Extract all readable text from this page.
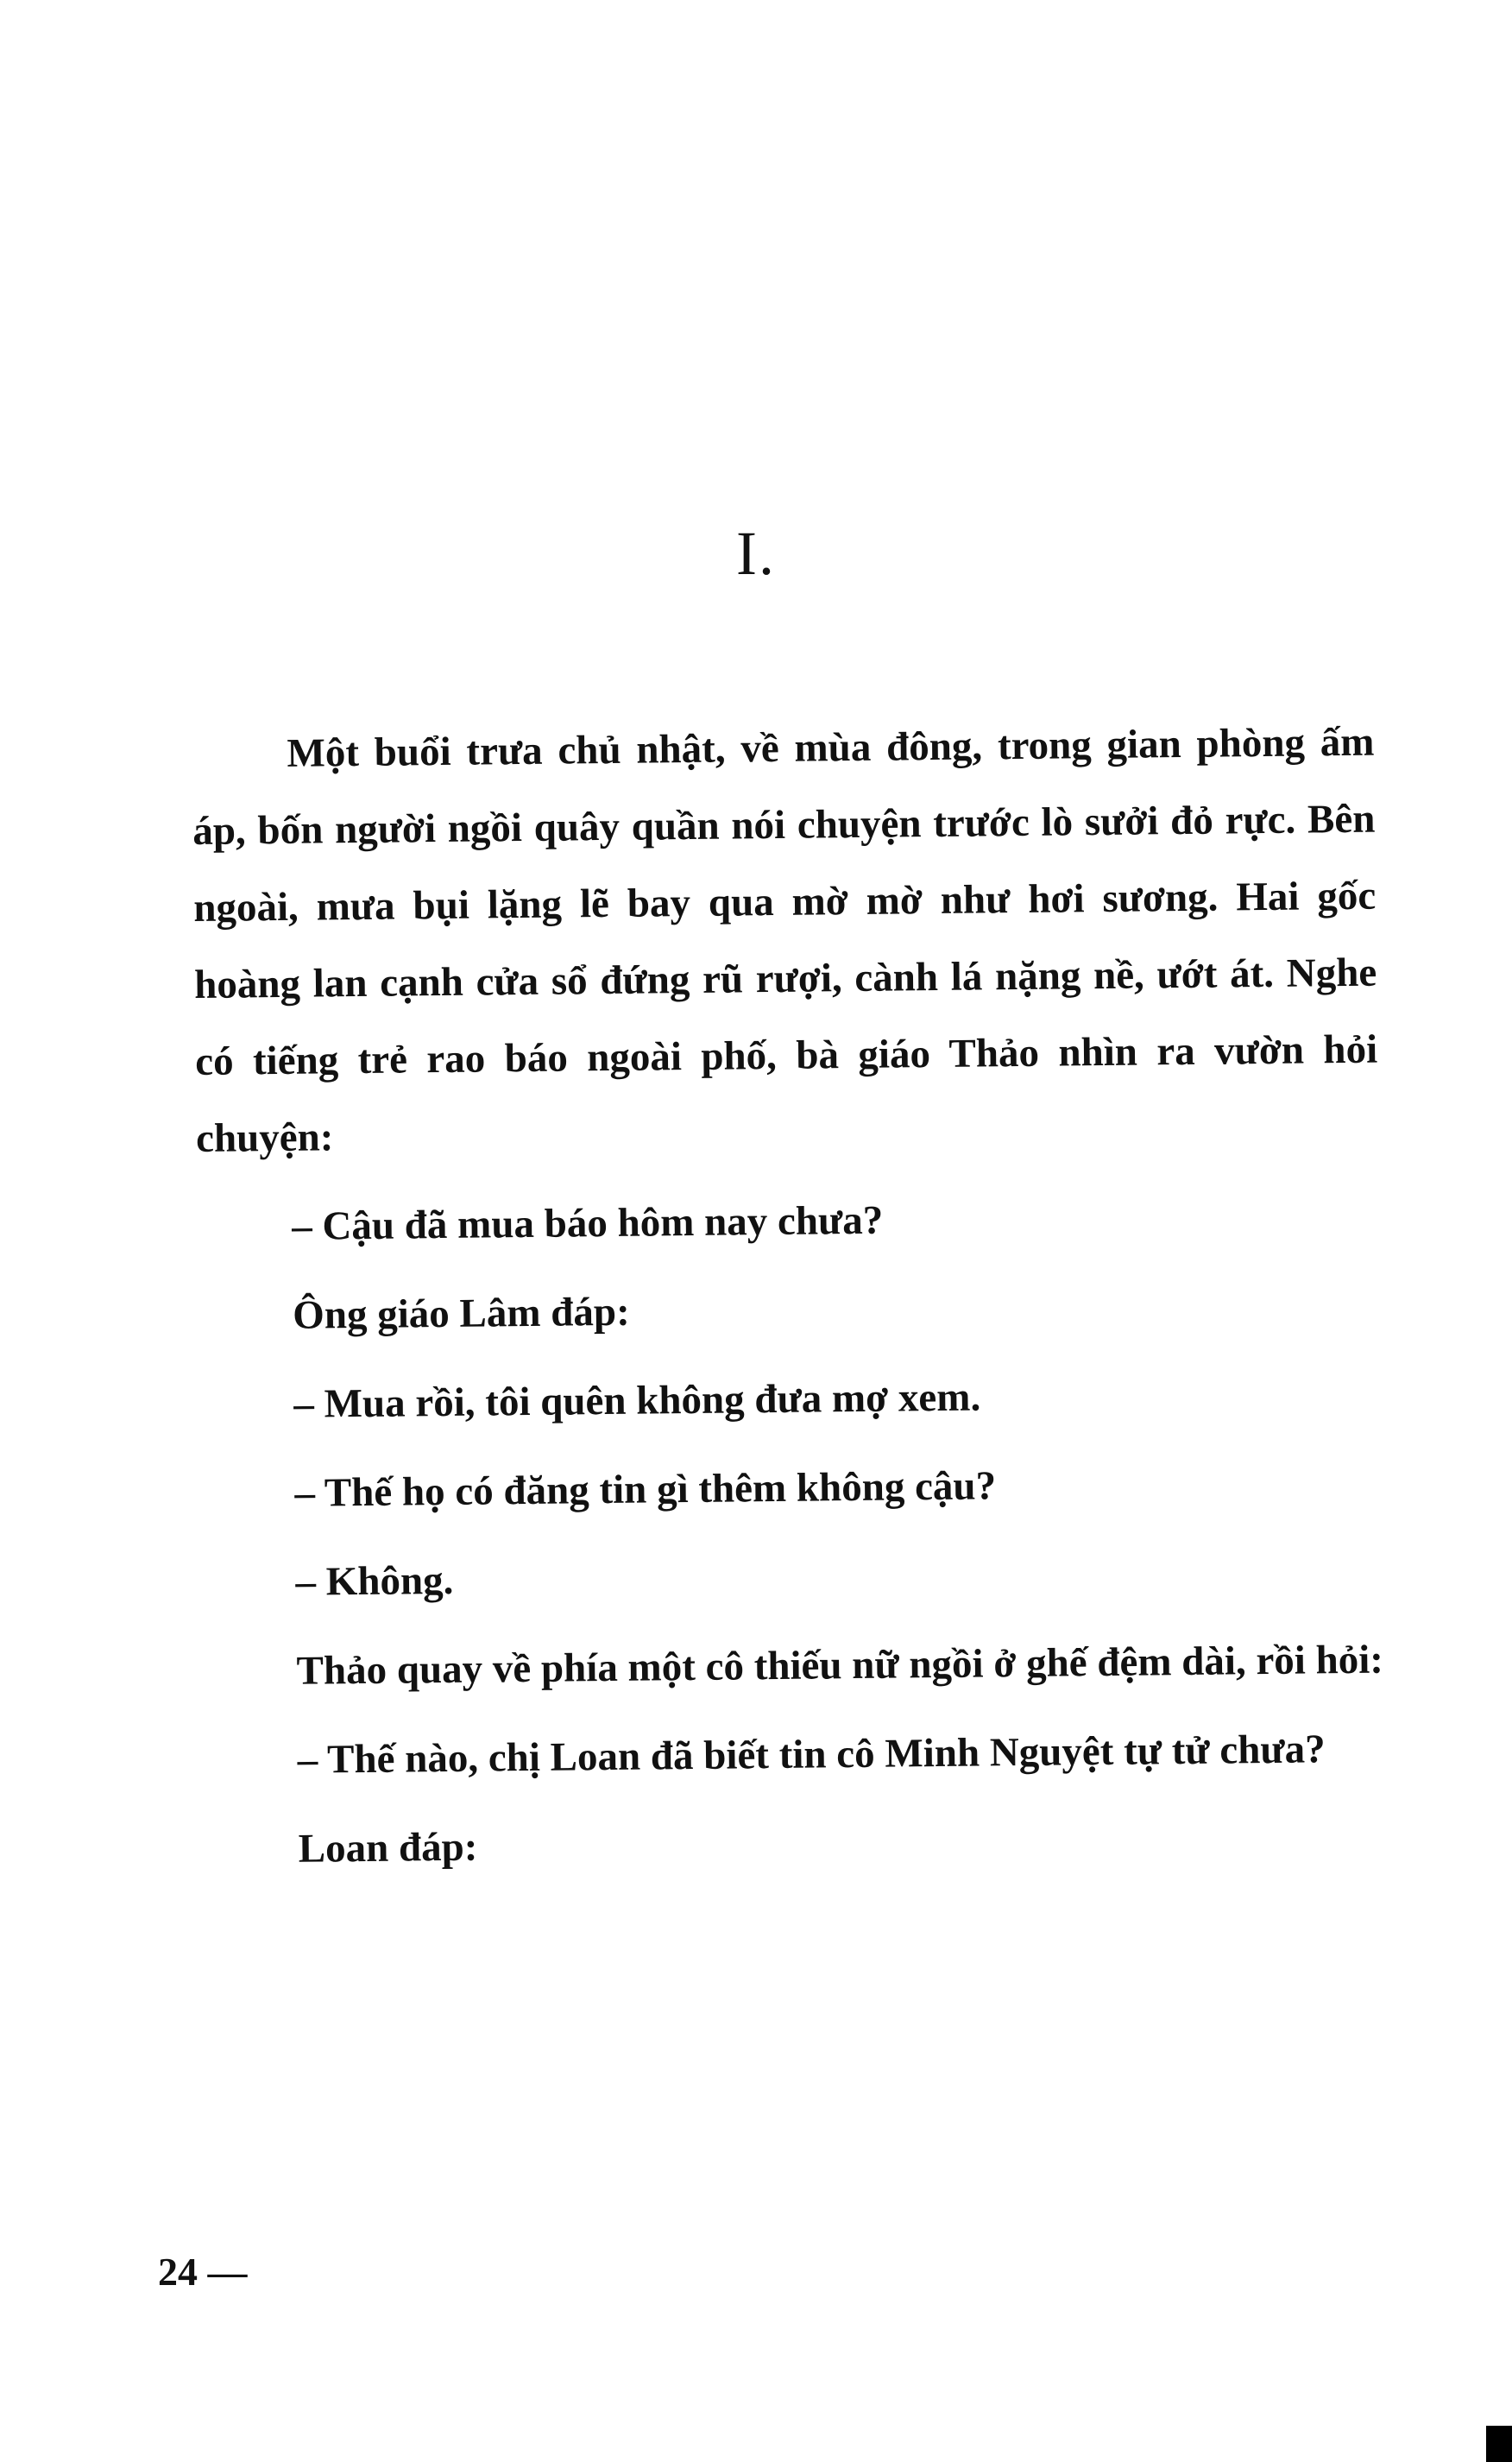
I.

Một buổi trưa chủ nhật, về mùa đông, trong gian phòng ấm áp, bốn người ngồi quây quần nói chuyện trước lò sưởi đỏ rực. Bên ngoài, mưa bụi lặng lẽ bay qua mờ mờ như hơi sương. Hai gốc hoàng lan cạnh cửa sổ đứng rũ rượi, cành lá nặng nề, ướt át. Nghe có tiếng trẻ rao báo ngoài phố, bà giáo Thảo nhìn ra vườn hỏi chuyện:

– Cậu đã mua báo hôm nay chưa?

Ông giáo Lâm đáp:

– Mua rồi, tôi quên không đưa mợ xem.

– Thế họ có đăng tin gì thêm không cậu?

– Không.

Thảo quay về phía một cô thiếu nữ ngồi ở ghế đệm dài, rồi hỏi:

– Thế nào, chị Loan đã biết tin cô Minh Nguyệt tự tử chưa?

Loan đáp:

24 —
